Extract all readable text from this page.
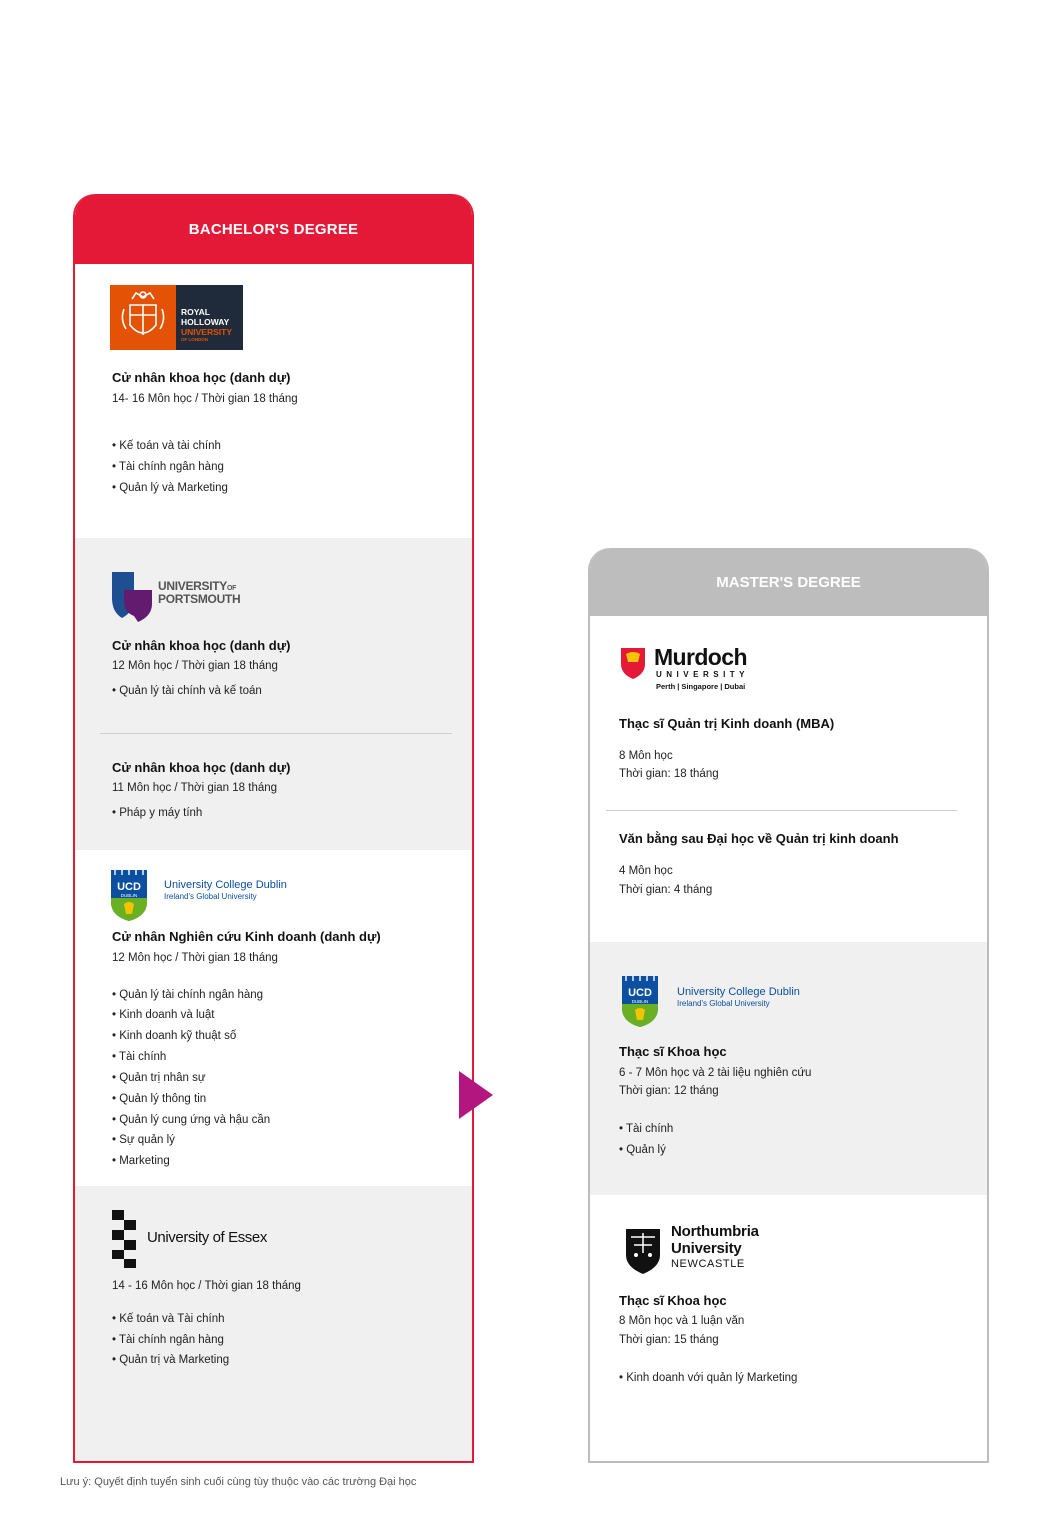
BACHELOR'S DEGREE
ROYAL
HOLLOWAY
UNIVERSITY
OF LONDON
Cử nhân khoa học (danh dự)
14- 16 Môn học / Thời gian 18 tháng
• Kế toán và tài chính
• Tài chính ngân hàng
• Quản lý và Marketing
UNIVERSITYOF
PORTSMOUTH
Cử nhân khoa học (danh dự)
12 Môn học / Thời gian 18 tháng
• Quản lý tài chính và kế toán
Cử nhân khoa học (danh dự)
11 Môn học / Thời gian 18 tháng
• Pháp y máy tính
UCD
DUBLIN
University College Dublin
Ireland's Global University
Cử nhân Nghiên cứu Kinh doanh (danh dự)
12 Môn học / Thời gian 18 tháng
• Quản lý tài chính ngân hàng
• Kinh doanh và luật
• Kinh doanh kỹ thuật số
• Tài chính
• Quản trị nhân sự
• Quản lý thông tin
• Quản lý cung ứng và hậu cần
• Sự quản lý
• Marketing
University of Essex
14 - 16 Môn học / Thời gian 18 tháng
• Kế toán và Tài chính
• Tài chính ngân hàng
• Quản trị và Marketing
MASTER'S DEGREE
Murdoch
UNIVERSITY
Perth | Singapore | Dubai
Thạc sĩ Quản trị Kinh doanh (MBA)
8 Môn học
Thời gian: 18 tháng
Văn bằng sau Đại học về Quản trị kinh doanh
4 Môn học
Thời gian: 4 tháng
UCD
DUBLIN
University College Dublin
Ireland's Global University
Thạc sĩ Khoa học
6 - 7 Môn học và 2 tài liệu nghiên cứu
Thời gian: 12 tháng
• Tài chính
• Quản lý
Northumbria
University
NEWCASTLE
Thạc sĩ Khoa học
8 Môn học và 1 luận văn
Thời gian: 15 tháng
• Kinh doanh với quản lý Marketing
Lưu ý: Quyết định tuyển sinh cuối cùng tùy thuộc vào các trường Đại học
